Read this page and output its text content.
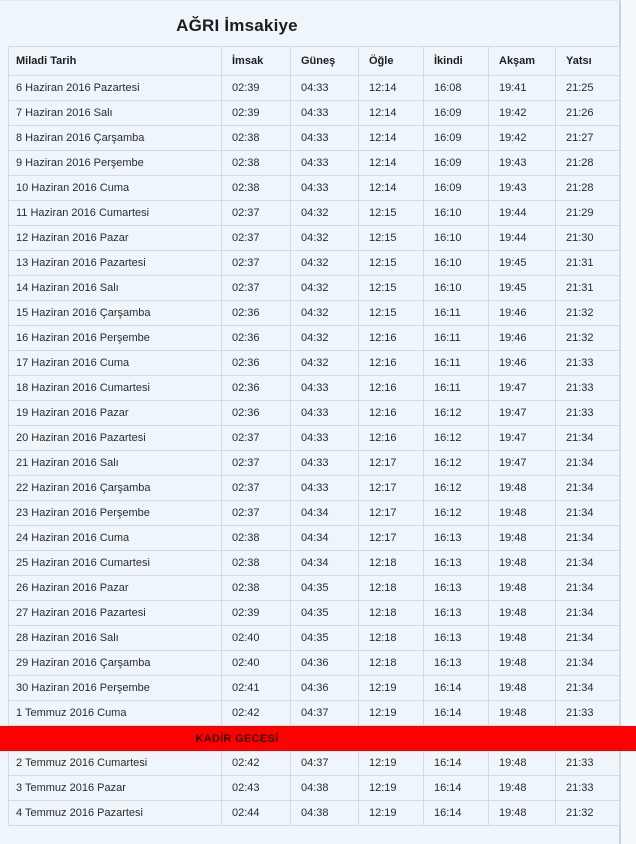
AĞRI İmsakiye
Miladi Tarih	İmsak	Güneş	Öğle	İkindi	Akşam	Yatsı
6 Haziran 2016 Pazartesi	02:39	04:33	12:14	16:08	19:41	21:25
7 Haziran 2016 Salı	02:39	04:33	12:14	16:09	19:42	21:26
8 Haziran 2016 Çarşamba	02:38	04:33	12:14	16:09	19:42	21:27
9 Haziran 2016 Perşembe	02:38	04:33	12:14	16:09	19:43	21:28
10 Haziran 2016 Cuma	02:38	04:33	12:14	16:09	19:43	21:28
11 Haziran 2016 Cumartesi	02:37	04:32	12:15	16:10	19:44	21:29
12 Haziran 2016 Pazar	02:37	04:32	12:15	16:10	19:44	21:30
13 Haziran 2016 Pazartesi	02:37	04:32	12:15	16:10	19:45	21:31
14 Haziran 2016 Salı	02:37	04:32	12:15	16:10	19:45	21:31
15 Haziran 2016 Çarşamba	02:36	04:32	12:15	16:11	19:46	21:32
16 Haziran 2016 Perşembe	02:36	04:32	12:16	16:11	19:46	21:32
17 Haziran 2016 Cuma	02:36	04:32	12:16	16:11	19:46	21:33
18 Haziran 2016 Cumartesi	02:36	04:33	12:16	16:11	19:47	21:33
19 Haziran 2016 Pazar	02:36	04:33	12:16	16:12	19:47	21:33
20 Haziran 2016 Pazartesi	02:37	04:33	12:16	16:12	19:47	21:34
21 Haziran 2016 Salı	02:37	04:33	12:17	16:12	19:47	21:34
22 Haziran 2016 Çarşamba	02:37	04:33	12:17	16:12	19:48	21:34
23 Haziran 2016 Perşembe	02:37	04:34	12:17	16:12	19:48	21:34
24 Haziran 2016 Cuma	02:38	04:34	12:17	16:13	19:48	21:34
25 Haziran 2016 Cumartesi	02:38	04:34	12:18	16:13	19:48	21:34
26 Haziran 2016 Pazar	02:38	04:35	12:18	16:13	19:48	21:34
27 Haziran 2016 Pazartesi	02:39	04:35	12:18	16:13	19:48	21:34
28 Haziran 2016 Salı	02:40	04:35	12:18	16:13	19:48	21:34
29 Haziran 2016 Çarşamba	02:40	04:36	12:18	16:13	19:48	21:34
30 Haziran 2016 Perşembe	02:41	04:36	12:19	16:14	19:48	21:34
1 Temmuz 2016 Cuma	02:42	04:37	12:19	16:14	19:48	21:33
KADİR GECESİ
2 Temmuz 2016 Cumartesi	02:42	04:37	12:19	16:14	19:48	21:33
3 Temmuz 2016 Pazar	02:43	04:38	12:19	16:14	19:48	21:33
4 Temmuz 2016 Pazartesi	02:44	04:38	12:19	16:14	19:48	21:32
